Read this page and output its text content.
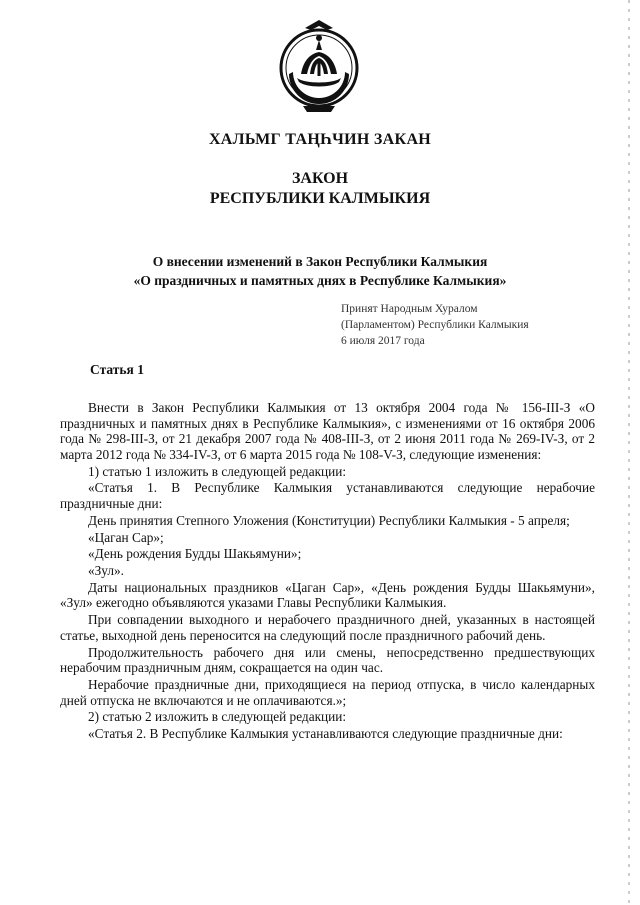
ХАЛЬМГ ТАҢҺЧИН ЗАКАН
ЗАКОН
РЕСПУБЛИКИ КАЛМЫКИЯ
О внесении изменений в Закон Республики Калмыкия
«О праздничных и памятных днях в Республике Калмыкия»
Принят Народным Хуралом
(Парламентом) Республики Калмыкия
6 июля 2017 года
Статья 1

Внести в Закон Республики Калмыкия от 13 октября 2004 года № 156-III-З «О праздничных и памятных днях в Республике Калмыкия», с изменениями от 16 октября 2006 года № 298-III-З, от 21 декабря 2007 года № 408-III-З, от 2 июня 2011 года № 269-IV-З, от 2 марта 2012 года № 334-IV-З, от 6 марта 2015 года № 108-V-З, следующие изменения:

1) статью 1 изложить в следующей редакции:

«Статья 1. В Республике Калмыкия устанавливаются следующие нерабочие праздничные дни:

День принятия Степного Уложения (Конституции) Республики Калмыкия - 5 апреля;

«Цаган Сар»;

«День рождения Будды Шакьямуни»;

«Зул».

Даты национальных праздников «Цаган Сар», «День рождения Будды Шакьямуни», «Зул» ежегодно объявляются указами Главы Республики Калмыкия.

При совпадении выходного и нерабочего праздничного дней, указанных в настоящей статье, выходной день переносится на следующий после праздничного рабочий день.

Продолжительность рабочего дня или смены, непосредственно предшествующих нерабочим праздничным дням, сокращается на один час.

Нерабочие праздничные дни, приходящиеся на период отпуска, в число календарных дней отпуска не включаются и не оплачиваются.»;

2) статью 2 изложить в следующей редакции:

«Статья 2. В Республике Калмыкия устанавливаются следующие праздничные дни:
